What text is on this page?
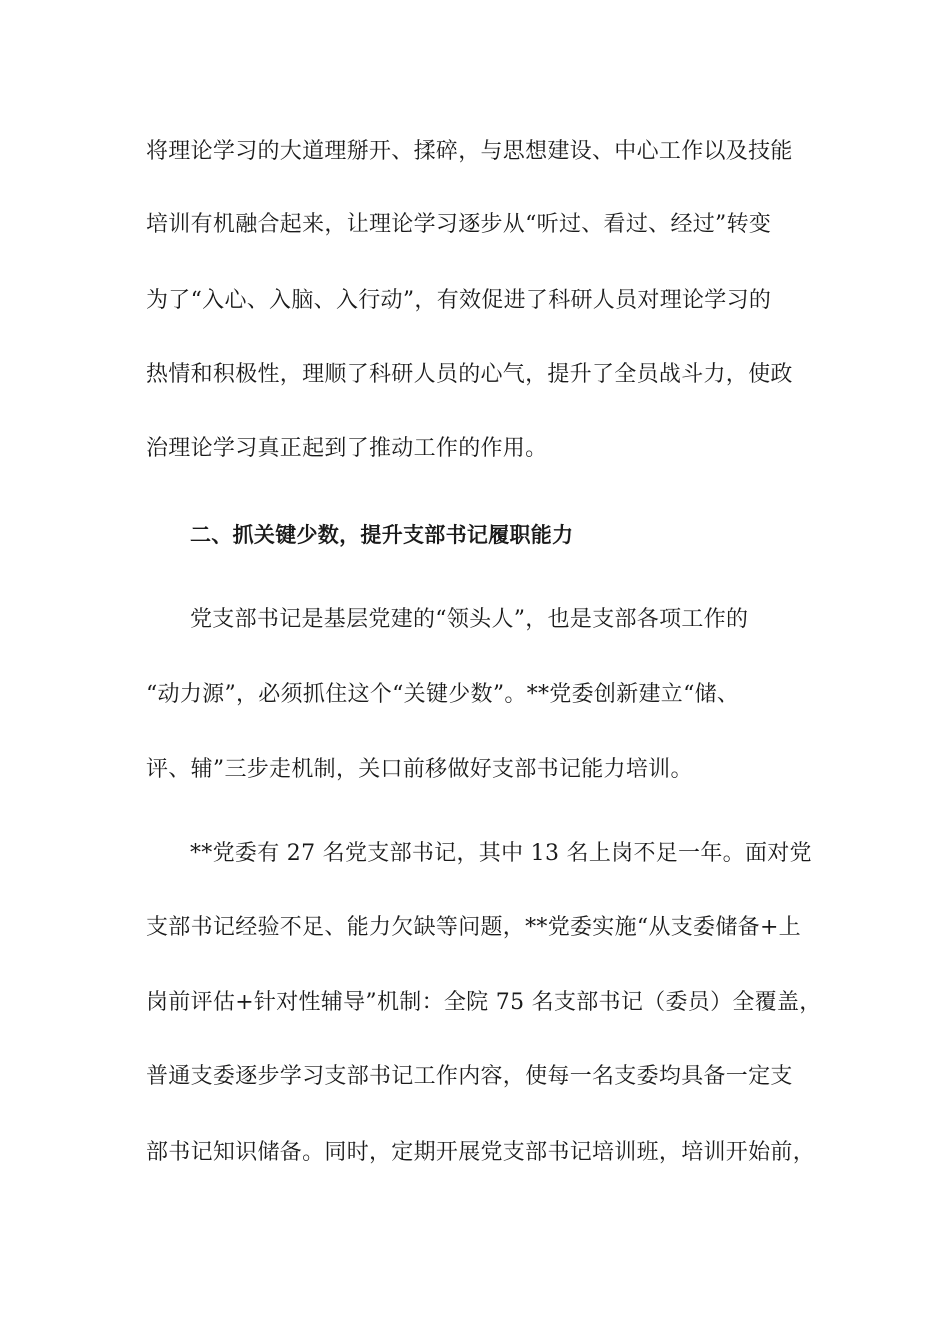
将理论学习的大道理掰开、揉碎，与思想建设、中心工作以及技能
培训有机融合起来，让理论学习逐步从“听过、看过、经过”转变
为了“入心、入脑、入行动”，有效促进了科研人员对理论学习的
热情和积极性，理顺了科研人员的心气，提升了全员战斗力，使政
治理论学习真正起到了推动工作的作用。
二、抓关键少数，提升支部书记履职能力
党支部书记是基层党建的“领头人”，也是支部各项工作的
“动力源”，必须抓住这个“关键少数”。**党委创新建立“储、
评、辅”三步走机制，关口前移做好支部书记能力培训。
**党委有 27 名党支部书记，其中 13 名上岗不足一年。面对党
支部书记经验不足、能力欠缺等问题，**党委实施“从支委储备+上
岗前评估+针对性辅导”机制：全院 75 名支部书记（委员）全覆盖，
普通支委逐步学习支部书记工作内容，使每一名支委均具备一定支
部书记知识储备。同时，定期开展党支部书记培训班，培训开始前，
